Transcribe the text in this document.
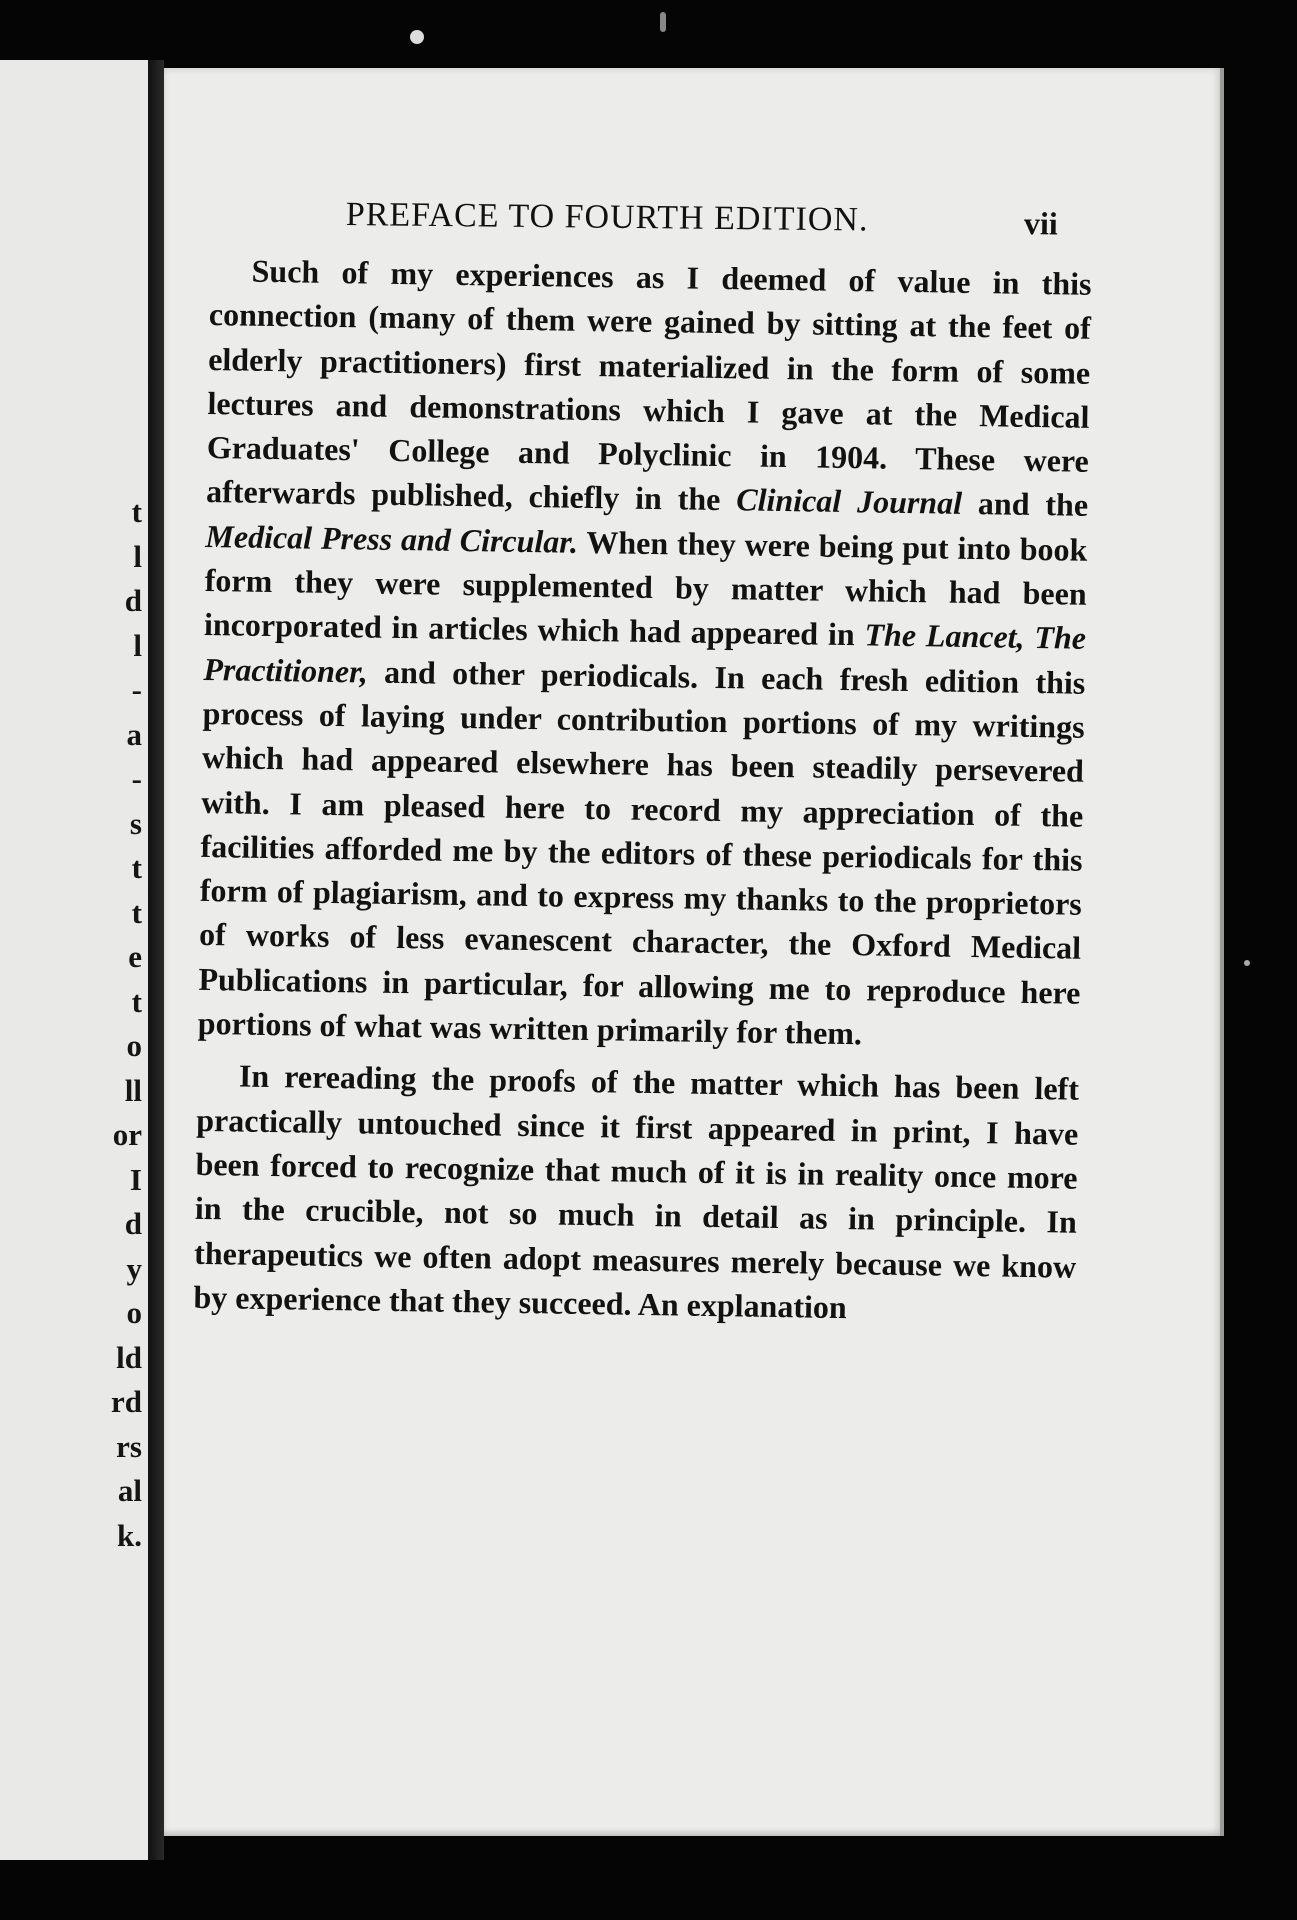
t
l
d
l
-
a
-
s
t
t
e
t
o
ll
or
I
d
y
o
ld
rd
rs
al
k.
PREFACE TO FOURTH EDITION.	vii

Such of my experiences as I deemed of value in this connection (many of them were gained by sitting at the feet of elderly practitioners) first materialized in the form of some lectures and demonstrations which I gave at the Medical Graduates' College and Polyclinic in 1904. These were afterwards published, chiefly in the Clinical Journal and the Medical Press and Circular. When they were being put into book form they were supplemented by matter which had been incorporated in articles which had appeared in The Lancet, The Practitioner, and other periodicals. In each fresh edition this process of laying under contribution portions of my writings which had appeared elsewhere has been steadily persevered with. I am pleased here to record my appreciation of the facilities afforded me by the editors of these periodicals for this form of plagiarism, and to express my thanks to the proprietors of works of less evanescent character, the Oxford Medical Publications in particular, for allowing me to reproduce here portions of what was written primarily for them.

In rereading the proofs of the matter which has been left practically untouched since it first appeared in print, I have been forced to recognize that much of it is in reality once more in the crucible, not so much in detail as in principle. In therapeutics we often adopt measures merely because we know by experience that they succeed. An explanation
